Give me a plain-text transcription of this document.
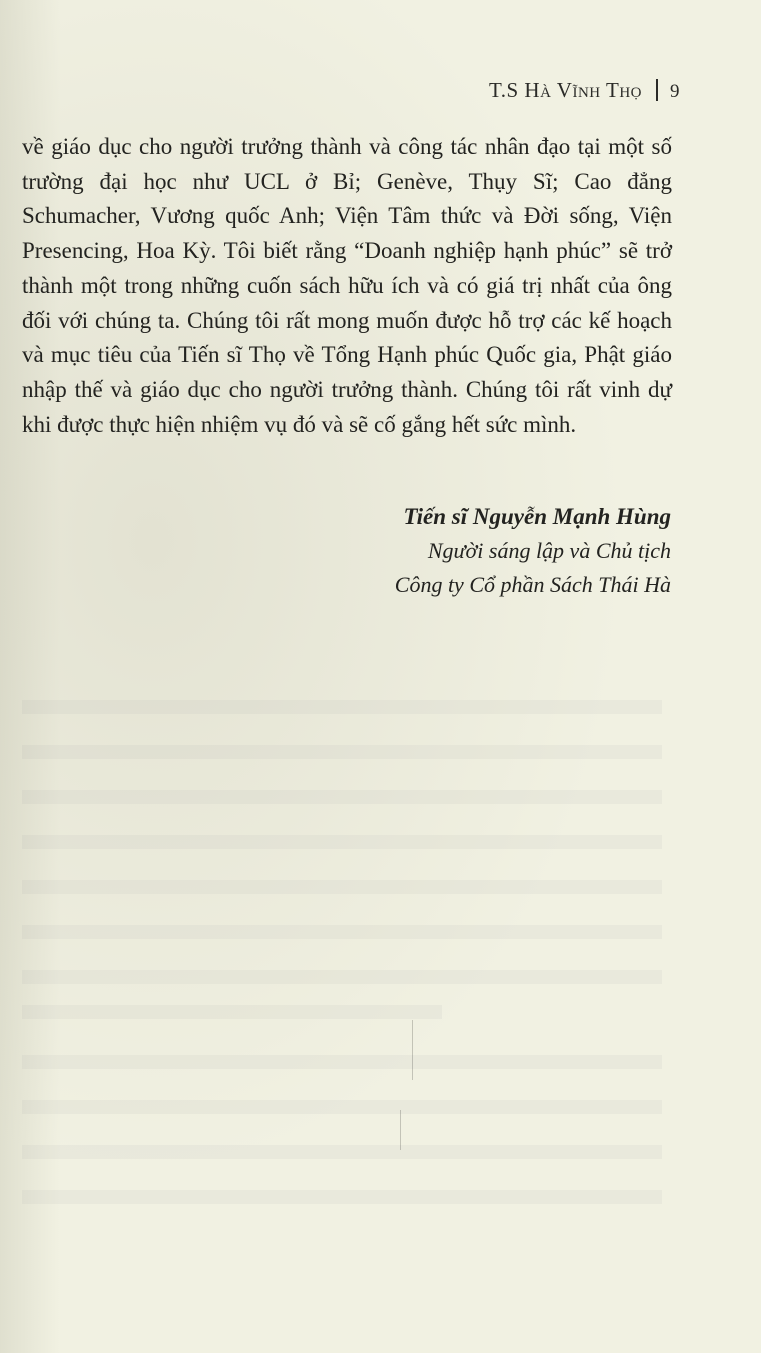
T.S Hà Vĩnh Thọ 9

về giáo dục cho người trưởng thành và công tác nhân đạo tại một số trường đại học như UCL ở Bỉ; Genève, Thụy Sĩ; Cao đẳng Schumacher, Vương quốc Anh; Viện Tâm thức và Đời sống, Viện Presencing, Hoa Kỳ. Tôi biết rằng “Doanh nghiệp hạnh phúc” sẽ trở thành một trong những cuốn sách hữu ích và có giá trị nhất của ông đối với chúng ta. Chúng tôi rất mong muốn được hỗ trợ các kế hoạch và mục tiêu của Tiến sĩ Thọ về Tổng Hạnh phúc Quốc gia, Phật giáo nhập thế và giáo dục cho người trưởng thành. Chúng tôi rất vinh dự khi được thực hiện nhiệm vụ đó và sẽ cố gắng hết sức mình.

Tiến sĩ Nguyễn Mạnh Hùng
Người sáng lập và Chủ tịch
Công ty Cổ phần Sách Thái Hà
